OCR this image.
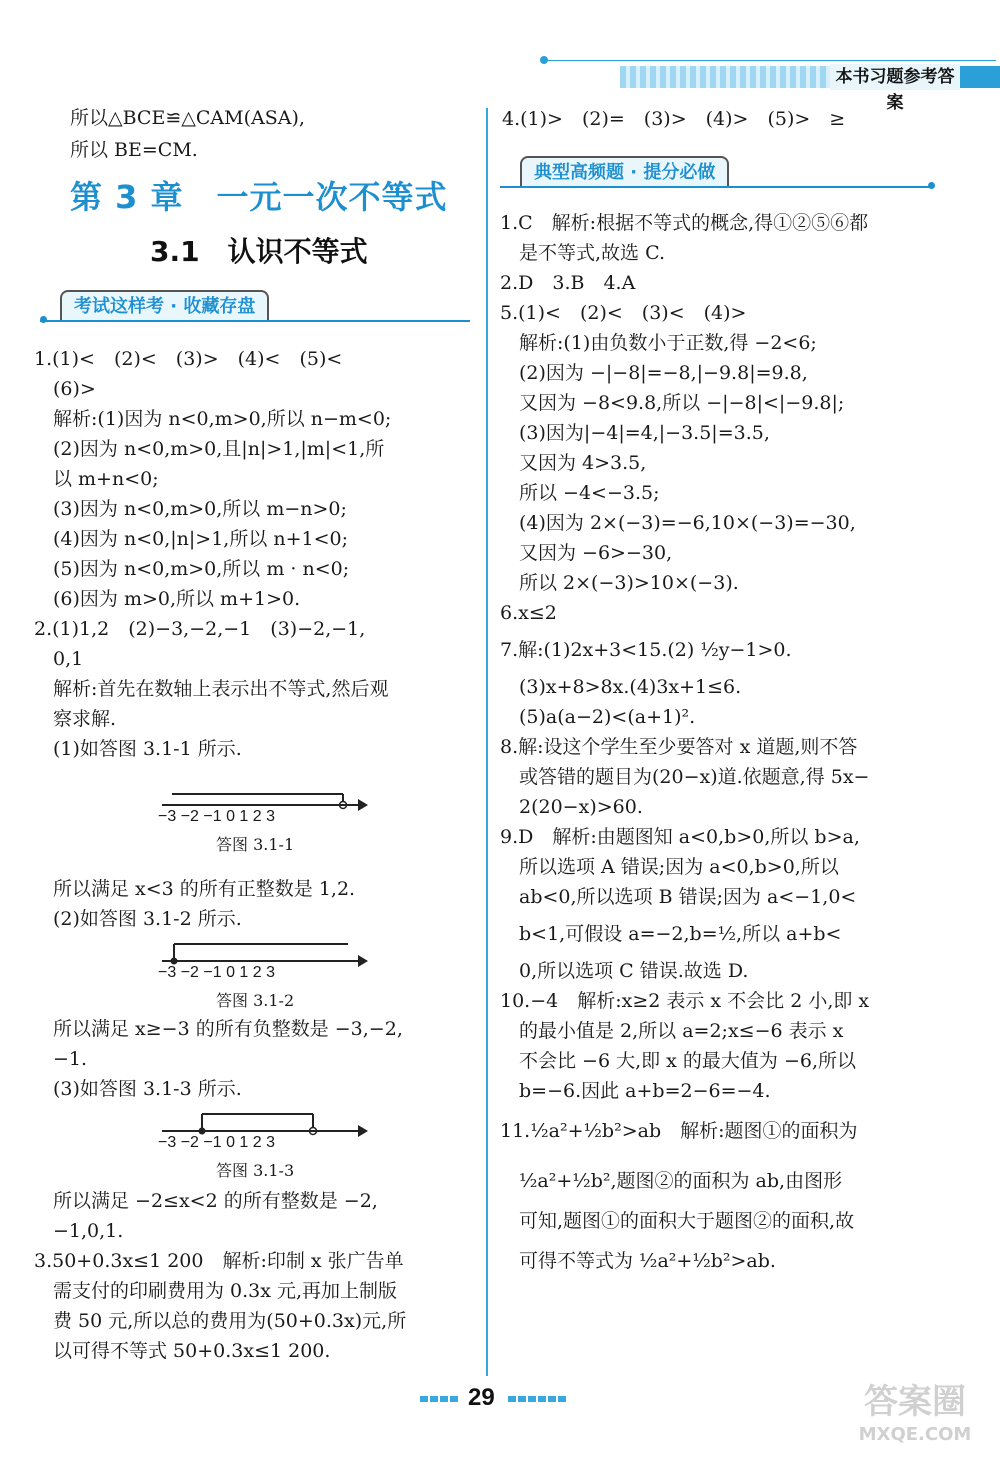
本书习题参考答案
所以△BCE≌△CAM(ASA),
所以 BE=CM.
第 3 章　一元一次不等式
3.1　认识不等式
考试这样考 · 收藏存盘
1.(1)<　(2)<　(3)>　(4)<　(5)<
　(6)>
　解析:(1)因为 n<0,m>0,所以 n−m<0;
　(2)因为 n<0,m>0,且|n|>1,|m|<1,所
　以 m+n<0;
　(3)因为 n<0,m>0,所以 m−n>0;
　(4)因为 n<0,|n|>1,所以 n+1<0;
　(5)因为 n<0,m>0,所以 m · n<0;
　(6)因为 m>0,所以 m+1>0.
2.(1)1,2　(2)−3,−2,−1　(3)−2,−1,
　0,1
　解析:首先在数轴上表示出不等式,然后观
　察求解.
　(1)如答图 3.1-1 所示.
−3 −2 −1 0 1 2 3
答图 3.1-1
　所以满足 x<3 的所有正整数是 1,2.
　(2)如答图 3.1-2 所示.
−3 −2 −1 0 1 2 3
答图 3.1-2
　所以满足 x≥−3 的所有负整数是 −3,−2,
　−1.
　(3)如答图 3.1-3 所示.
−3 −2 −1 0 1 2 3
答图 3.1-3
　所以满足 −2≤x<2 的所有整数是 −2,
　−1,0,1.
3.50+0.3x≤1 200　解析:印制 x 张广告单
　需支付的印刷费用为 0.3x 元,再加上制版
　费 50 元,所以总的费用为(50+0.3x)元,所
　以可得不等式 50+0.3x≤1 200.
4.(1)>　(2)=　(3)>　(4)>　(5)>　≥
典型高频题 · 提分必做
1.C　解析:根据不等式的概念,得①②⑤⑥都
　是不等式,故选 C.
2.D　3.B　4.A
5.(1)<　(2)<　(3)<　(4)>
　解析:(1)由负数小于正数,得 −2<6;
　(2)因为 −|−8|=−8,|−9.8|=9.8,
　又因为 −8<9.8,所以 −|−8|<|−9.8|;
　(3)因为|−4|=4,|−3.5|=3.5,
　又因为 4>3.5,
　所以 −4<−3.5;
　(4)因为 2×(−3)=−6,10×(−3)=−30,
　又因为 −6>−30,
　所以 2×(−3)>10×(−3).
6.x≤2
7.解:(1)2x+3<15.(2) ½y−1>0.
　(3)x+8>8x.(4)3x+1≤6.
　(5)a(a−2)<(a+1)².
8.解:设这个学生至少要答对 x 道题,则不答
　或答错的题目为(20−x)道.依题意,得 5x−
　2(20−x)>60.
9.D　解析:由题图知 a<0,b>0,所以 b>a,
　所以选项 A 错误;因为 a<0,b>0,所以
　ab<0,所以选项 B 错误;因为 a<−1,0<
　b<1,可假设 a=−2,b=½,所以 a+b<
　0,所以选项 C 错误.故选 D.
10.−4　解析:x≥2 表示 x 不会比 2 小,即 x
　的最小值是 2,所以 a=2;x≤−6 表示 x
　不会比 −6 大,即 x 的最大值为 −6,所以
　b=−6.因此 a+b=2−6=−4.
11.½a²+½b²>ab　解析:题图①的面积为
　½a²+½b²,题图②的面积为 ab,由图形
　可知,题图①的面积大于题图②的面积,故
　可得不等式为 ½a²+½b²>ab.
29	答案圈
MXQE.COM
